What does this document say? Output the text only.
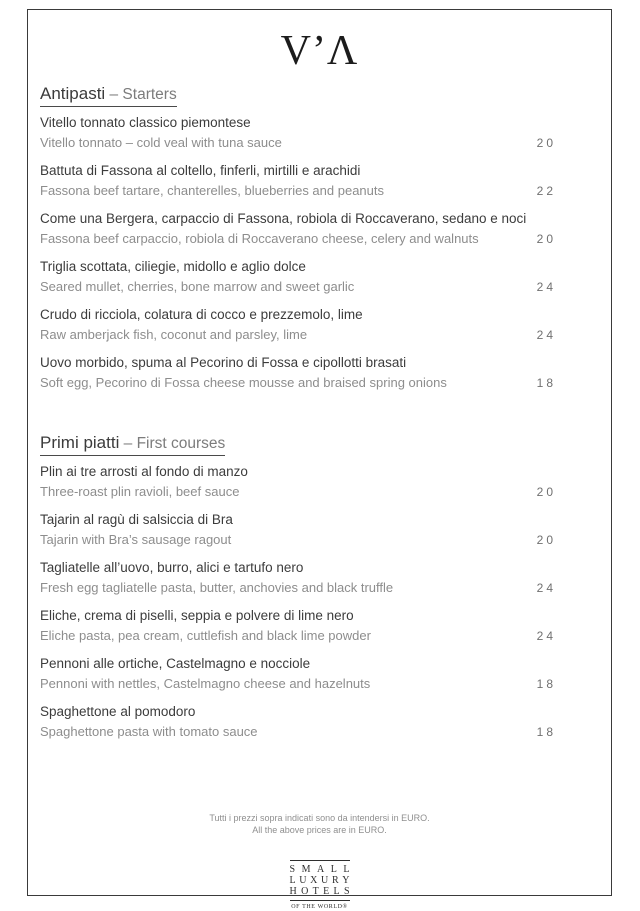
V’Λ
Antipasti – Starters
Vitello tonnato classico piemontese
Vitello tonnato – cold veal with tuna sauce	20
Battuta di Fassona al coltello, finferli, mirtilli e arachidi
Fassona beef tartare, chanterelles, blueberries and peanuts	22
Come una Bergera, carpaccio di Fassona, robiola di Roccaverano, sedano e noci
Fassona beef carpaccio, robiola di Roccaverano cheese, celery and walnuts	20
Triglia scottata, ciliegie, midollo e aglio dolce
Seared mullet, cherries, bone marrow and sweet garlic	24
Crudo di ricciola, colatura di cocco e prezzemolo, lime
Raw amberjack fish, coconut and parsley, lime	24
Uovo morbido, spuma al Pecorino di Fossa e cipollotti brasati
Soft egg, Pecorino di Fossa cheese mousse and braised spring onions	18
Primi piatti – First courses
Plin ai tre arrosti al fondo di manzo
Three-roast plin ravioli, beef sauce	20
Tajarin al ragù di salsiccia di Bra
Tajarin with Bra’s sausage ragout	20
Tagliatelle all’uovo, burro, alici e tartufo nero
Fresh egg tagliatelle pasta, butter, anchovies and black truffle	24
Eliche, crema di piselli, seppia e polvere di lime nero
Eliche pasta, pea cream, cuttlefish and black lime powder	24
Pennoni alle ortiche, Castelmagno e nocciole
Pennoni with nettles, Castelmagno cheese and hazelnuts	18
Spaghettone al pomodoro
Spaghettone pasta with tomato sauce	18
Tutti i prezzi sopra indicati sono da intendersi in EURO.
All the above prices are in EURO.
S M A L L
L U X U R Y
H O T E L S
OF THE WORLD®
